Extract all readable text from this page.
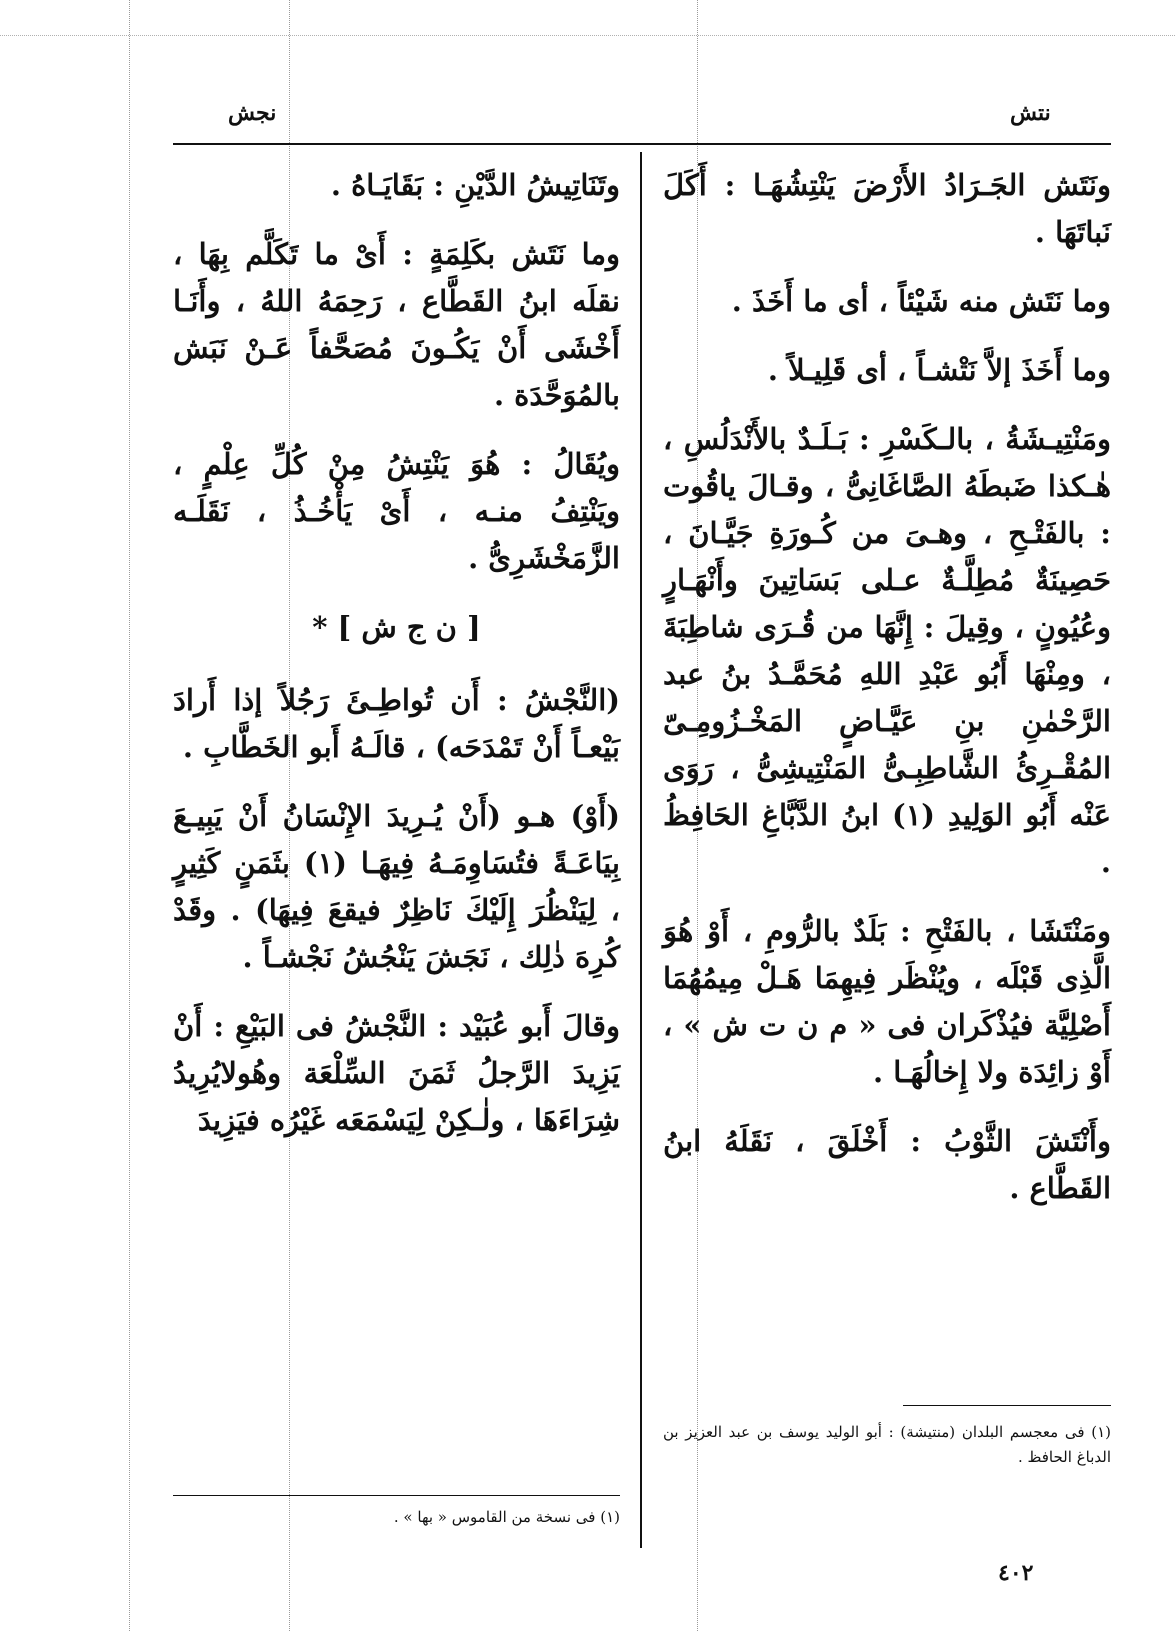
نتش
نجش

ونَتَش الجَـرَادُ الأَرْضَ يَنْتِشُهَـا : أَكَلَ نَباتَهَا .

وما نَتَش منه شَيْئاً ، أى ما أَخَذَ .

وما أَخَذَ إلاَّ نَتْشـاً ، أى قَلِيـلاً .

ومَنْتِيـشَةُ ، بالـكَسْرِ : بَـلَـدٌ بالأَنْدَلُسِ ، هٰـكذا ضَبطَهُ الصَّاغَانِىُّ ، وقـالَ ياقُوت : بالفَتْـحِ ، وهـىَ من كُـورَةِ جَيَّـانَ ، حَصِينَةٌ مُطِلَّـةٌ عـلى بَسَاتِينَ وأَنْهَـارٍ وعُيُونٍ ، وقِيلَ : إِنَّهَا من قُـرَى شاطِبَةَ ، ومِنْهَا أَبُو عَبْدِ اللهِ مُحَمَّـدُ بنُ عبد الرَّحْمٰنِ بنِ عَيَّـاضٍ المَخْـزُومِـىّ المُقْـرِئُ الشَّاطِبِـىُّ المَنْتِيشِىُّ ، رَوَى عَنْه أَبُو الوَلِيدِ (١) ابنُ الدَّبَّاغِ الحَافِظُ .

ومَنْتَشَا ، بالفَتْحِ : بَلَدٌ بالرُّومِ ، أَوْ هُوَ الَّذِى قَبْلَه ، ويُنْظَر فِيهِمَا هَـلْ مِيمُهُمَا أَصْلِيَّة فيُذْكَران فى « م ن ت ش » ، أَوْ زائِدَة ولا إِخالُهَـا .

وأَنْتَشَ الثَّوْبُ : أَخْلَقَ ، نَقَلَهُ ابنُ القَطَّاع .

(١) فى معجسم البلدان (منتيشة) : أبو الوليد يوسف بن عبد العزيز بن الدباغ الحافظ .

وتَنَاتِيشُ الدَّيْنِ : بَقَايَـاهُ .

وما نَتَش بكَلِمَةٍ : أَىْ ما تَكَلَّم بِهَا ، نقلَه ابنُ القَطَّاع ، رَحِمَهُ اللهُ ، وأَنَـا أَخْشَى أَنْ يَكُـونَ مُصَحَّفاً عَـنْ نَبَش بالمُوَحَّدَة .

ويُقَالُ : هُوَ يَنْتِشُ مِنْ كُلِّ عِلْمٍ ، ويَنْتِفُ منـه ، أَىْ يَأْخُـذُ ، نَقَلَـه الزَّمَخْشَرِىُّ .

[ ن ج ش ] *

(النَّجْشُ : أَن تُواطِـئَ رَجُلاً إذا أَرادَ بَيْعـاً أَنْ تَمْدَحَه) ، قالَـهُ أَبو الخَطَّابِ .

(أَوْ) هـو (أَنْ يُـرِيدَ الإِنْسَانُ أَنْ يَبِيـعَ بِيَاعَـةً فتُسَاوِمَـهُ فِيهَـا (١) بثَمَنٍ كَثِيرٍ ، لِيَنْظُرَ إِلَيْكَ نَاظِرٌ فيقعَ فِيهَا) . وقَدْ كُرِهَ ذٰلِك ، نَجَشَ يَنْجُشُ نَجْشـاً .

وقالَ أَبو عُبَيْد : النَّجْشُ فى البَيْعِ : أَنْ يَزِيدَ الرَّجلُ ثَمَنَ السِّلْعَة وهُولايُرِيدُ شِرَاءَهَا ، ولٰـكِنْ لِيَسْمَعَه غَيْرُه فيَزِيدَ

(١) فى نسخة من القاموس « بها » .
٤٠٢
